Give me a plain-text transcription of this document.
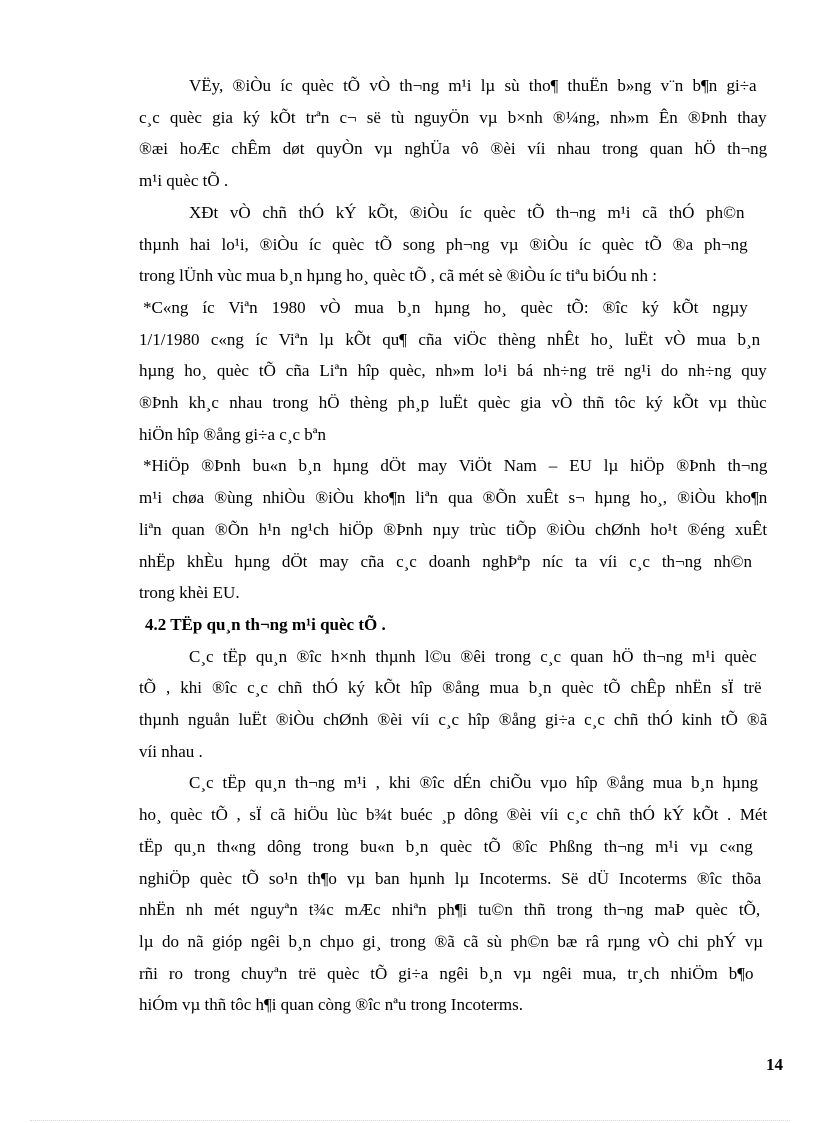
VËy, ®iÒu íc quèc tÕ vÒ th¬ng m¹i lµ sù tho¶ thuËn b»ng v¨n b¶n gi÷a
c¸c quèc gia ký kÕt trªn c¬ së tù nguyÖn vµ b×nh ®¼ng, nh»m Ên ®Þnh thay
®æi hoÆc chÊm døt quyÒn vµ nghÜa vô ®èi víi nhau trong quan hÖ th¬ng
m¹i quèc tÕ .
XÐt vÒ chñ thÓ kÝ kÕt, ®iÒu íc quèc tÕ th¬ng m¹i cã thÓ ph©n
thµnh hai lo¹i, ®iÒu íc quèc tÕ song ph¬ng vµ ®iÒu íc quèc tÕ ®a ph¬ng
trong lÜnh vùc mua b¸n hµng ho¸ quèc tÕ , cã mét sè ®iÒu íc tiªu biÓu nh :
*C«ng íc Viªn 1980 vÒ mua b¸n hµng ho¸ quèc tÕ: ®îc ký kÕt ngµy
1/1/1980 c«ng íc Viªn lµ kÕt qu¶ cña viÖc thèng nhÊt ho¸ luËt vÒ mua b¸n
hµng ho¸ quèc tÕ cña Liªn hîp quèc, nh»m lo¹i bá nh÷ng trë ng¹i do nh÷ng quy
®Þnh kh¸c nhau trong hÖ thèng ph¸p luËt quèc gia vÒ thñ tôc ký kÕt vµ thùc
hiÖn hîp ®ång gi÷a c¸c bªn
*HiÖp ®Þnh bu«n b¸n hµng dÖt may ViÖt Nam – EU lµ hiÖp ®Þnh th¬ng
m¹i chøa ®ùng nhiÒu ®iÒu kho¶n liªn qua ®Õn xuÊt s¬ hµng ho¸, ®iÒu kho¶n
liªn quan ®Õn h¹n ng¹ch hiÖp ®Þnh nµy trùc tiÕp ®iÒu chØnh ho¹t ®éng xuÊt
nhËp khÈu hµng dÖt may cña c¸c doanh nghÞªp níc ta víi c¸c th¬ng nh©n
trong khèi EU.
4.2 TËp qu¸n th¬ng m¹i quèc tÕ .
C¸c tËp qu¸n ®îc h×nh thµnh l©u ®êi trong c¸c quan hÖ th¬ng m¹i quèc
tÕ , khi ®îc c¸c chñ thÓ ký kÕt hîp ®ång mua b¸n quèc tÕ chÊp nhËn sÏ trë
thµnh nguån luËt ®iÒu chØnh ®èi víi c¸c hîp ®ång gi÷a c¸c chñ thÓ kinh tÕ ®ã
víi nhau .
C¸c tËp qu¸n th¬ng m¹i , khi ®îc dÉn chiÕu vµo hîp ®ång mua b¸n hµng
ho¸ quèc tÕ , sÏ cã hiÖu lùc b¾t buéc ¸p dông ®èi víi c¸c chñ thÓ kÝ kÕt . Mét
tËp qu¸n th«ng dông trong bu«n b¸n quèc tÕ ®îc Phßng th¬ng m¹i vµ c«ng
nghiÖp quèc tÕ so¹n th¶o vµ ban hµnh lµ Incoterms. Së dÜ Incoterms ®îc thõa
nhËn nh mét nguyªn t¾c mÆc nhiªn ph¶i tu©n thñ trong th¬ng maÞ quèc tÕ,
lµ do nã gióp ngêi b¸n chµo gi¸ trong ®ã cã sù ph©n bæ râ rµng vÒ chi phÝ vµ
rñi ro trong chuyªn trë quèc tÕ gi÷a ngêi b¸n vµ ngêi mua, tr¸ch nhiÖm b¶o
hiÓm vµ thñ tôc h¶i quan còng ®îc nªu trong Incoterms.
14
